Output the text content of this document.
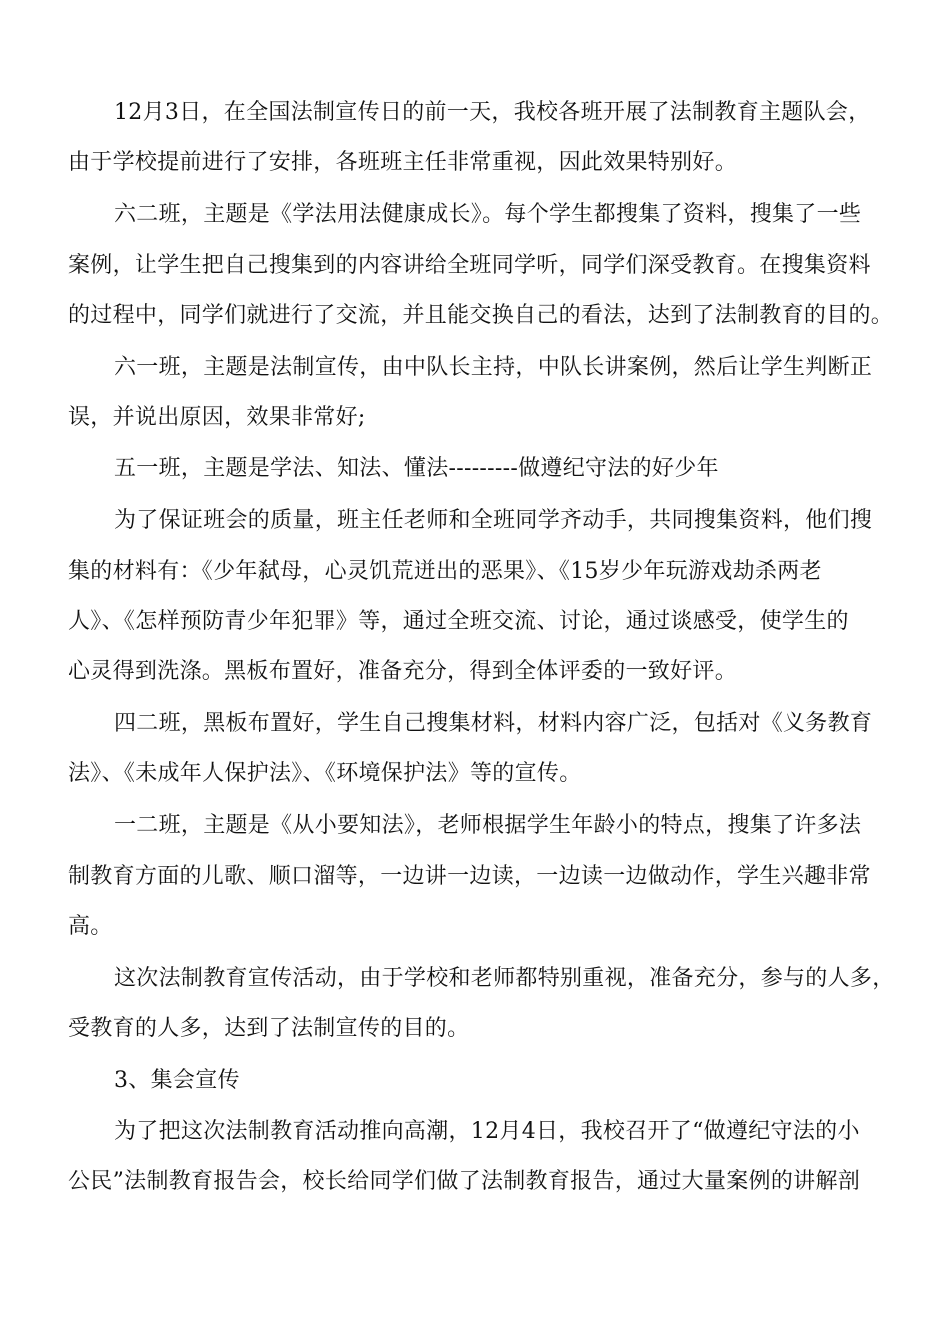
12月3日，在全国法制宣传日的前一天，我校各班开展了法制教育主题队会，
由于学校提前进行了安排，各班班主任非常重视，因此效果特别好。
六二班，主题是《学法用法健康成长》。每个学生都搜集了资料，搜集了一些
案例，让学生把自己搜集到的内容讲给全班同学听，同学们深受教育。在搜集资料
的过程中，同学们就进行了交流，并且能交换自己的看法，达到了法制教育的目的。
六一班，主题是法制宣传，由中队长主持，中队长讲案例，然后让学生判断正
误，并说出原因，效果非常好;
五一班，主题是学法、知法、懂法---------做遵纪守法的好少年
为了保证班会的质量，班主任老师和全班同学齐动手，共同搜集资料，他们搜
集的材料有：《少年弑母，心灵饥荒迸出的恶果》、《15岁少年玩游戏劫杀两老
人》、《怎样预防青少年犯罪》等，通过全班交流、讨论，通过谈感受，使学生的
心灵得到洗涤。黑板布置好，准备充分，得到全体评委的一致好评。
四二班，黑板布置好，学生自己搜集材料，材料内容广泛，包括对《义务教育
法》、《未成年人保护法》、《环境保护法》等的宣传。
一二班，主题是《从小要知法》，老师根据学生年龄小的特点，搜集了许多法
制教育方面的儿歌、顺口溜等，一边讲一边读，一边读一边做动作，学生兴趣非常
高。
这次法制教育宣传活动，由于学校和老师都特别重视，准备充分，参与的人多，
受教育的人多，达到了法制宣传的目的。
3、集会宣传
为了把这次法制教育活动推向高潮，12月4日，我校召开了“做遵纪守法的小
公民”法制教育报告会，校长给同学们做了法制教育报告，通过大量案例的讲解剖
